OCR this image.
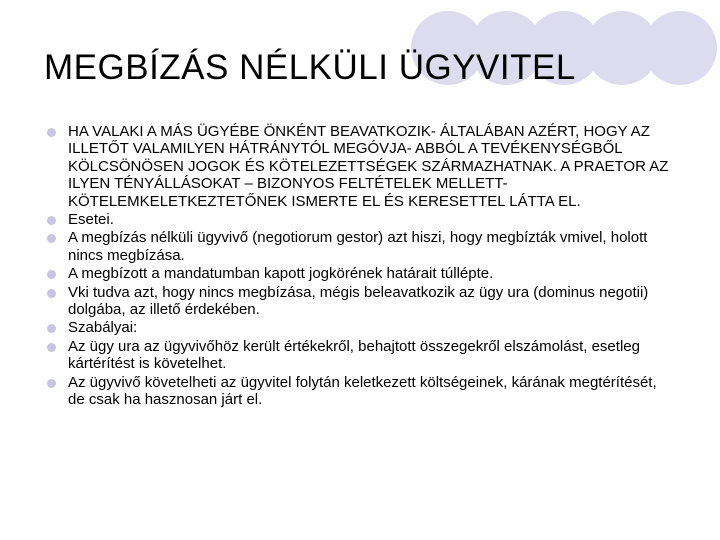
MEGBÍZÁS NÉLKÜLI ÜGYVITEL
HA VALAKI A MÁS ÜGYÉBE ÖNKÉNT BEAVATKOZIK- ÁLTALÁBAN AZÉRT, HOGY AZ ILLETŐT VALAMILYEN HÁTRÁNYTÓL MEGÓVJA- ABBÓL A TEVÉKENYSÉGBŐL KÖLCSÖNÖSEN JOGOK ÉS KÖTELEZETTSÉGEK SZÁRMAZHATNAK. A PRAETOR AZ ILYEN TÉNYÁLLÁSOKAT – BIZONYOS FELTÉTELEK MELLETT- KÖTELEMKELETKEZTETŐNEK ISMERTE EL ÉS KERESETTEL LÁTTA EL.
Esetei.
A megbízás nélküli ügyvivő (negotiorum gestor) azt hiszi, hogy megbízták vmivel, holott nincs megbízása.
A megbízott a mandatumban kapott jogkörének határait túllépte.
Vki tudva azt, hogy nincs megbízása, mégis beleavatkozik az ügy ura (dominus negotii) dolgába, az illető érdekében.
Szabályai:
Az ügy ura az ügyvivőhöz került értékekről, behajtott összegekről elszámolást, esetleg kártérítést is követelhet.
Az ügyvivő követelheti az ügyvitel folytán keletkezett költségeinek, kárának megtérítését, de csak ha hasznosan járt el.
